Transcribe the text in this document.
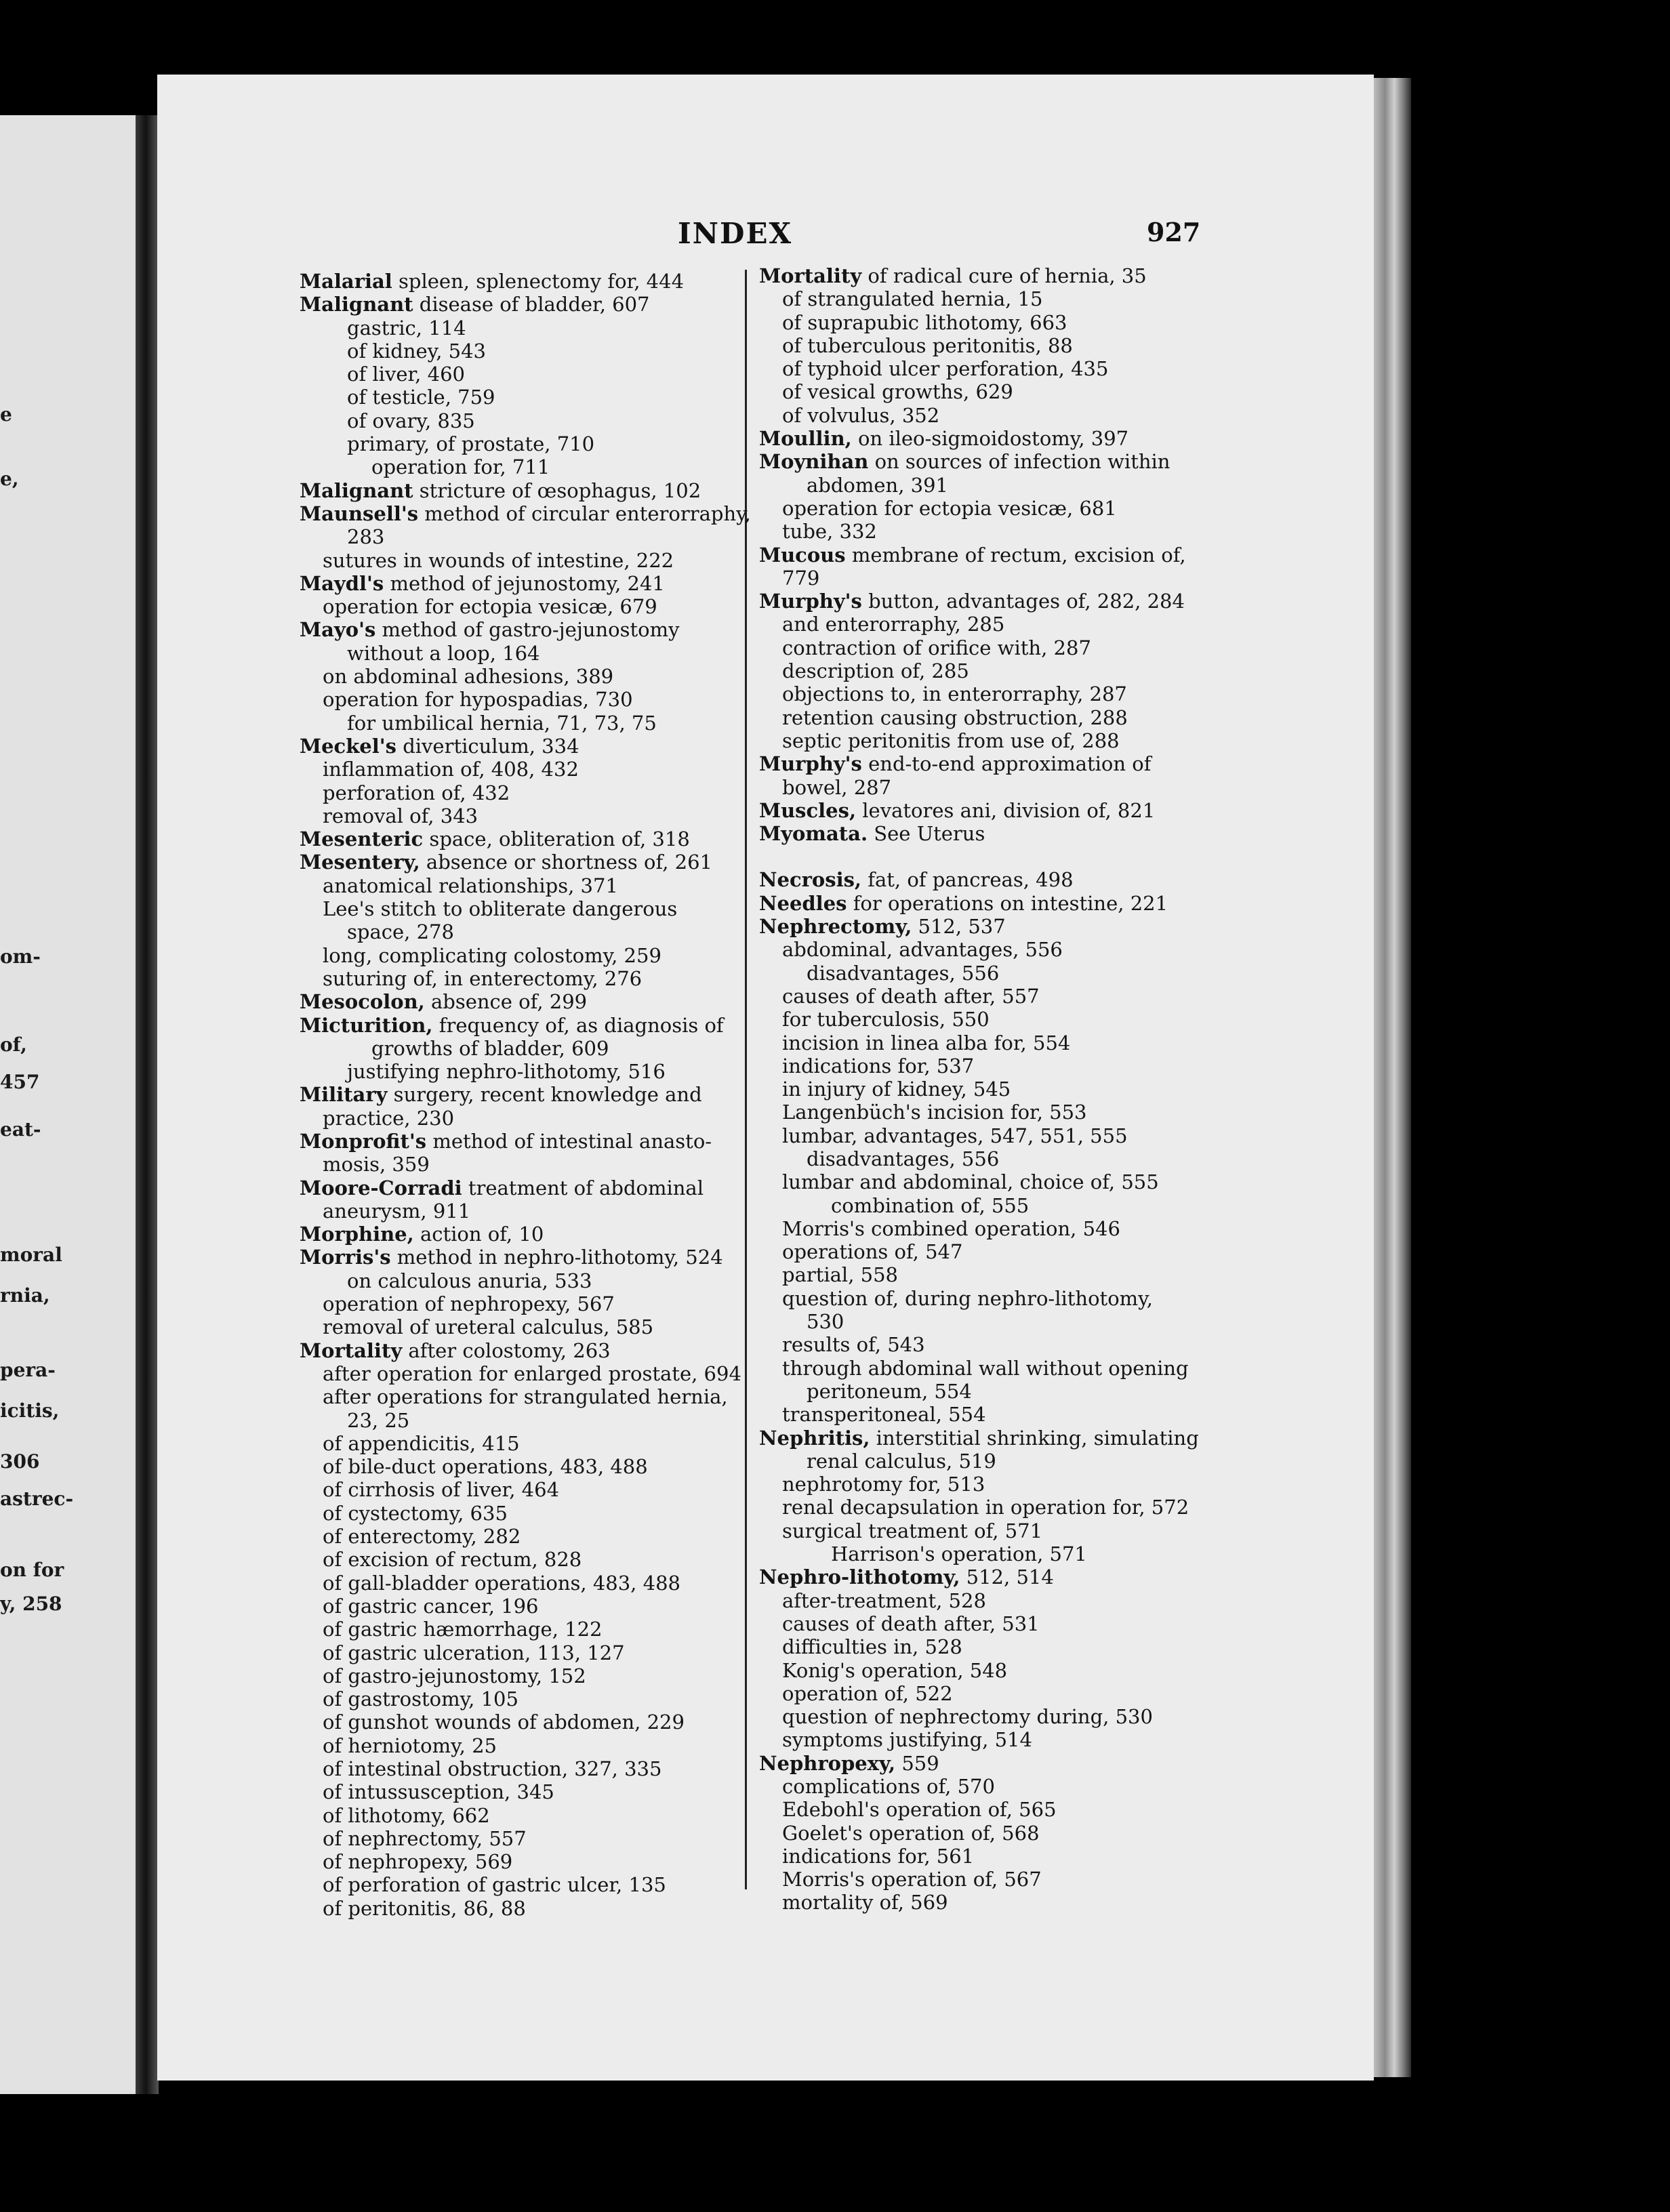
e
e,
om-
of,
457
eat-
moral
rnia,
pera-
icitis,
306
astrec-
on for
y, 258
INDEX	927
Malarial spleen, splenectomy for, 444
Malignant disease of bladder, 607
gastric, 114
of kidney, 543
of liver, 460
of testicle, 759
of ovary, 835
primary, of prostate, 710
operation for, 711
Malignant stricture of œsophagus, 102
Maunsell's method of circular enterorraphy,
283
sutures in wounds of intestine, 222
Maydl's method of jejunostomy, 241
operation for ectopia vesicæ, 679
Mayo's method of gastro-jejunostomy
without a loop, 164
on abdominal adhesions, 389
operation for hypospadias, 730
for umbilical hernia, 71, 73, 75
Meckel's diverticulum, 334
inflammation of, 408, 432
perforation of, 432
removal of, 343
Mesenteric space, obliteration of, 318
Mesentery, absence or shortness of, 261
anatomical relationships, 371
Lee's stitch to obliterate dangerous
space, 278
long, complicating colostomy, 259
suturing of, in enterectomy, 276
Mesocolon, absence of, 299
Micturition, frequency of, as diagnosis of
growths of bladder, 609
justifying nephro-lithotomy, 516
Military surgery, recent knowledge and
practice, 230
Monprofit's method of intestinal anasto-
mosis, 359
Moore-Corradi treatment of abdominal
aneurysm, 911
Morphine, action of, 10
Morris's method in nephro-lithotomy, 524
on calculous anuria, 533
operation of nephropexy, 567
removal of ureteral calculus, 585
Mortality after colostomy, 263
after operation for enlarged prostate, 694
after operations for strangulated hernia,
23, 25
of appendicitis, 415
of bile-duct operations, 483, 488
of cirrhosis of liver, 464
of cystectomy, 635
of enterectomy, 282
of excision of rectum, 828
of gall-bladder operations, 483, 488
of gastric cancer, 196
of gastric hæmorrhage, 122
of gastric ulceration, 113, 127
of gastro-jejunostomy, 152
of gastrostomy, 105
of gunshot wounds of abdomen, 229
of herniotomy, 25
of intestinal obstruction, 327, 335
of intussusception, 345
of lithotomy, 662
of nephrectomy, 557
of nephropexy, 569
of perforation of gastric ulcer, 135
of peritonitis, 86, 88
Mortality of radical cure of hernia, 35
of strangulated hernia, 15
of suprapubic lithotomy, 663
of tuberculous peritonitis, 88
of typhoid ulcer perforation, 435
of vesical growths, 629
of volvulus, 352
Moullin, on ileo-sigmoidostomy, 397
Moynihan on sources of infection within
abdomen, 391
operation for ectopia vesicæ, 681
tube, 332
Mucous membrane of rectum, excision of,
779
Murphy's button, advantages of, 282, 284
and enterorraphy, 285
contraction of orifice with, 287
description of, 285
objections to, in enterorraphy, 287
retention causing obstruction, 288
septic peritonitis from use of, 288
Murphy's end-to-end approximation of
bowel, 287
Muscles, levatores ani, division of, 821
Myomata. See Uterus
Necrosis, fat, of pancreas, 498
Needles for operations on intestine, 221
Nephrectomy, 512, 537
abdominal, advantages, 556
disadvantages, 556
causes of death after, 557
for tuberculosis, 550
incision in linea alba for, 554
indications for, 537
in injury of kidney, 545
Langenbüch's incision for, 553
lumbar, advantages, 547, 551, 555
disadvantages, 556
lumbar and abdominal, choice of, 555
combination of, 555
Morris's combined operation, 546
operations of, 547
partial, 558
question of, during nephro-lithotomy,
530
results of, 543
through abdominal wall without opening
peritoneum, 554
transperitoneal, 554
Nephritis, interstitial shrinking, simulating
renal calculus, 519
nephrotomy for, 513
renal decapsulation in operation for, 572
surgical treatment of, 571
Harrison's operation, 571
Nephro-lithotomy, 512, 514
after-treatment, 528
causes of death after, 531
difficulties in, 528
Konig's operation, 548
operation of, 522
question of nephrectomy during, 530
symptoms justifying, 514
Nephropexy, 559
complications of, 570
Edebohl's operation of, 565
Goelet's operation of, 568
indications for, 561
Morris's operation of, 567
mortality of, 569
